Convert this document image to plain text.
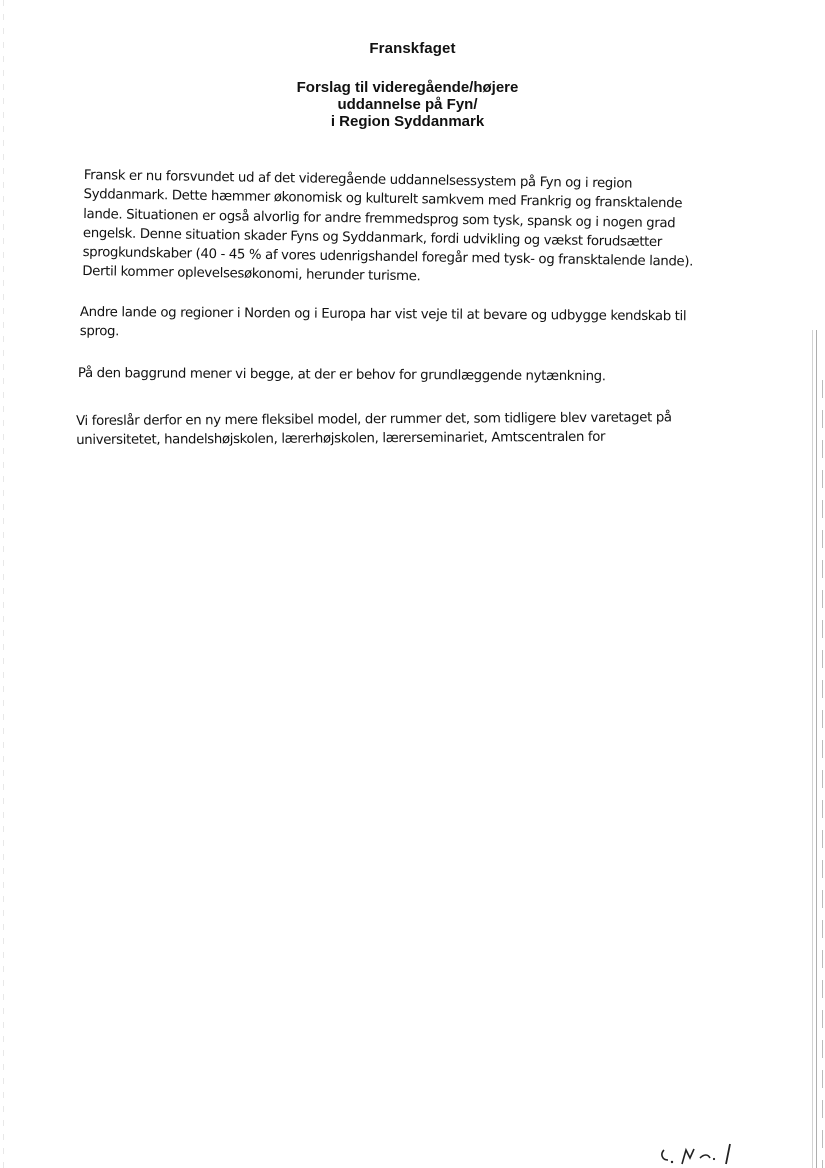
Franskfaget
Forslag til videregående/højere
uddannelse på Fyn/
i Region Syddanmark
Fransk er nu forsvundet ud af det videregående uddannelsessystem på Fyn og i region
Syddanmark. Dette hæmmer økonomisk og kulturelt samkvem med Frankrig og fransktalende
lande. Situationen er også alvorlig for andre fremmedsprog som tysk, spansk og i nogen grad
engelsk. Denne situation skader Fyns og Syddanmark, fordi udvikling og vækst forudsætter
sprogkundskaber (40 - 45 % af vores udenrigshandel foregår med tysk- og fransktalende lande).
Dertil kommer oplevelsesøkonomi, herunder turisme.
Andre lande og regioner i Norden og i Europa har vist veje til at bevare og udbygge kendskab til
sprog.
På den baggrund mener vi begge, at der er behov for grundlæggende nytænkning.
Vi foreslår derfor en ny mere fleksibel model, der rummer det, som tidligere blev varetaget på
universitetet, handelshøjskolen, lærerhøjskolen, lærerseminariet, Amtscentralen for
